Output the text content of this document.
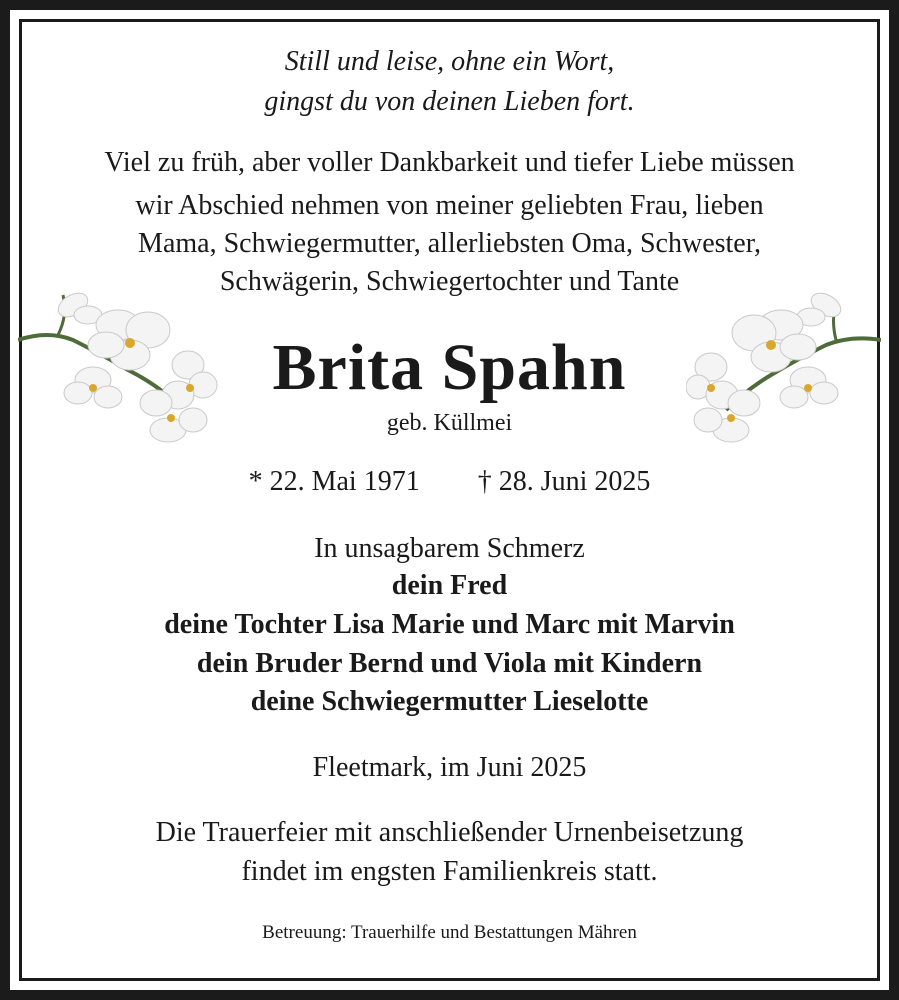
Still und leise, ohne ein Wort,
gingst du von deinen Lieben fort.
Viel zu früh, aber voller Dankbarkeit und tiefer Liebe müssen
wir Abschied nehmen von meiner geliebten Frau, lieben
Mama, Schwiegermutter, allerliebsten Oma, Schwester,
Schwägerin, Schwiegertochter und Tante
Brita Spahn
geb. Küllmei
* 22. Mai 1971 † 28. Juni 2025
In unsagbarem Schmerz
dein Fred
deine Tochter Lisa Marie und Marc mit Marvin
dein Bruder Bernd und Viola mit Kindern
deine Schwiegermutter Lieselotte
Fleetmark, im Juni 2025
Die Trauerfeier mit anschließender Urnenbeisetzung
findet im engsten Familienkreis statt.
Betreuung: Trauerhilfe und Bestattungen Mähren
